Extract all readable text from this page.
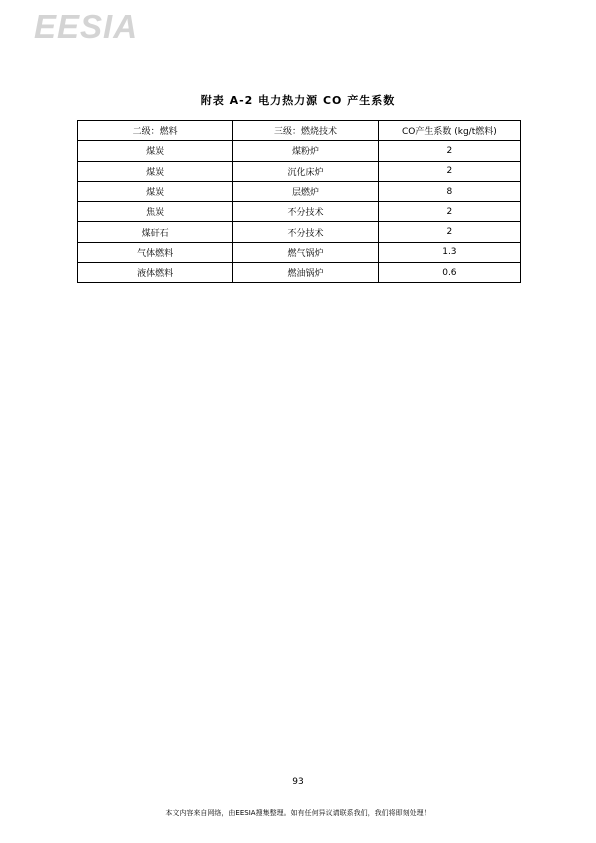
EESIA
附表 A-2 电力热力源 CO 产生系数
二级：燃料	三级：燃烧技术	CO产生系数 (kg/t燃料)
煤炭	煤粉炉	2
煤炭	沉化床炉	2
煤炭	层燃炉	8
焦炭	不分技术	2
煤矸石	不分技术	2
气体燃料	燃气锅炉	1.3
液体燃料	燃油锅炉	0.6
93
本文内容来自网络，由EESIA搜集整理。如有任何异议请联系我们，我们将即刻处理！
